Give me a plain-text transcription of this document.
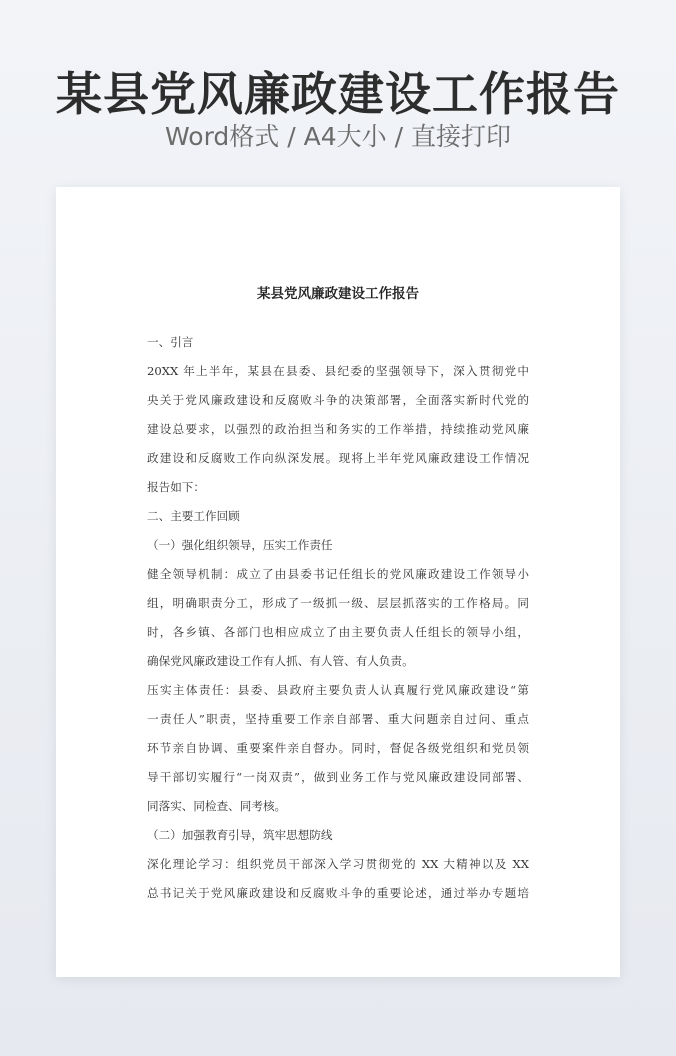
某县党风廉政建设工作报告
Word格式 / A4大小 / 直接打印
某县党风廉政建设工作报告
一、引言
20XX 年上半年，某县在县委、县纪委的坚强领导下，深入贯彻党中
央关于党风廉政建设和反腐败斗争的决策部署，全面落实新时代党的
建设总要求，以强烈的政治担当和务实的工作举措，持续推动党风廉
政建设和反腐败工作向纵深发展。现将上半年党风廉政建设工作情况
报告如下：
二、主要工作回顾
（一）强化组织领导，压实工作责任
健全领导机制：成立了由县委书记任组长的党风廉政建设工作领导小
组，明确职责分工，形成了一级抓一级、层层抓落实的工作格局。同
时，各乡镇、各部门也相应成立了由主要负责人任组长的领导小组，
确保党风廉政建设工作有人抓、有人管、有人负责。
压实主体责任：县委、县政府主要负责人认真履行党风廉政建设“第
一责任人”职责，坚持重要工作亲自部署、重大问题亲自过问、重点
环节亲自协调、重要案件亲自督办。同时，督促各级党组织和党员领
导干部切实履行“一岗双责”，做到业务工作与党风廉政建设同部署、
同落实、同检查、同考核。
（二）加强教育引导，筑牢思想防线
深化理论学习：组织党员干部深入学习贯彻党的 XX 大精神以及 XX
总书记关于党风廉政建设和反腐败斗争的重要论述，通过举办专题培
